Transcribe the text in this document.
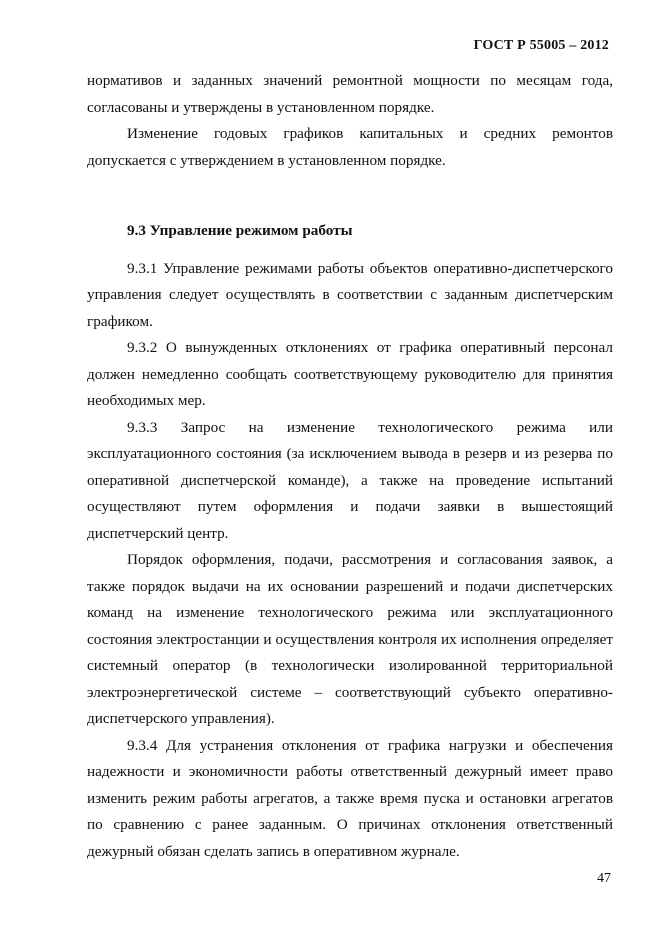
ГОСТ Р 55005 – 2012

нормативов и заданных значений ремонтной мощности по месяцам года, согласованы и утверждены в установленном порядке.

Изменение годовых графиков капитальных и средних ремонтов допускается с утверждением в установленном порядке.

9.3 Управление режимом работы

9.3.1 Управление режимами работы объектов оперативно-диспетчерского управления следует осуществлять в соответствии с заданным диспетчерским графиком.

9.3.2 О вынужденных отклонениях от графика оперативный персонал должен немедленно сообщать соответствующему руководителю для принятия необходимых мер.

9.3.3 Запрос на изменение технологического режима или эксплуатационного состояния (за исключением вывода в резерв и из резерва по оперативной диспетчерской команде), а также на проведение испытаний осуществляют путем оформления и подачи заявки в вышестоящий диспетчерский центр.

Порядок оформления, подачи, рассмотрения и согласования заявок, а также порядок выдачи на их основании разрешений и подачи диспетчерских команд на изменение технологического режима или эксплуатационного состояния электростанции и осуществления контроля их исполнения определяет системный оператор (в технологически изолированной территориальной электроэнергетической системе – соответствующий субъекто оперативно-диспетчерского управления).

9.3.4 Для устранения отклонения от графика нагрузки и обеспечения надежности и экономичности работы ответственный дежурный имеет право изменить режим работы агрегатов, а также время пуска и остановки агрегатов по сравнению с ранее заданным. О причинах отклонения ответственный дежурный обязан сделать запись в оперативном журнале.

47
